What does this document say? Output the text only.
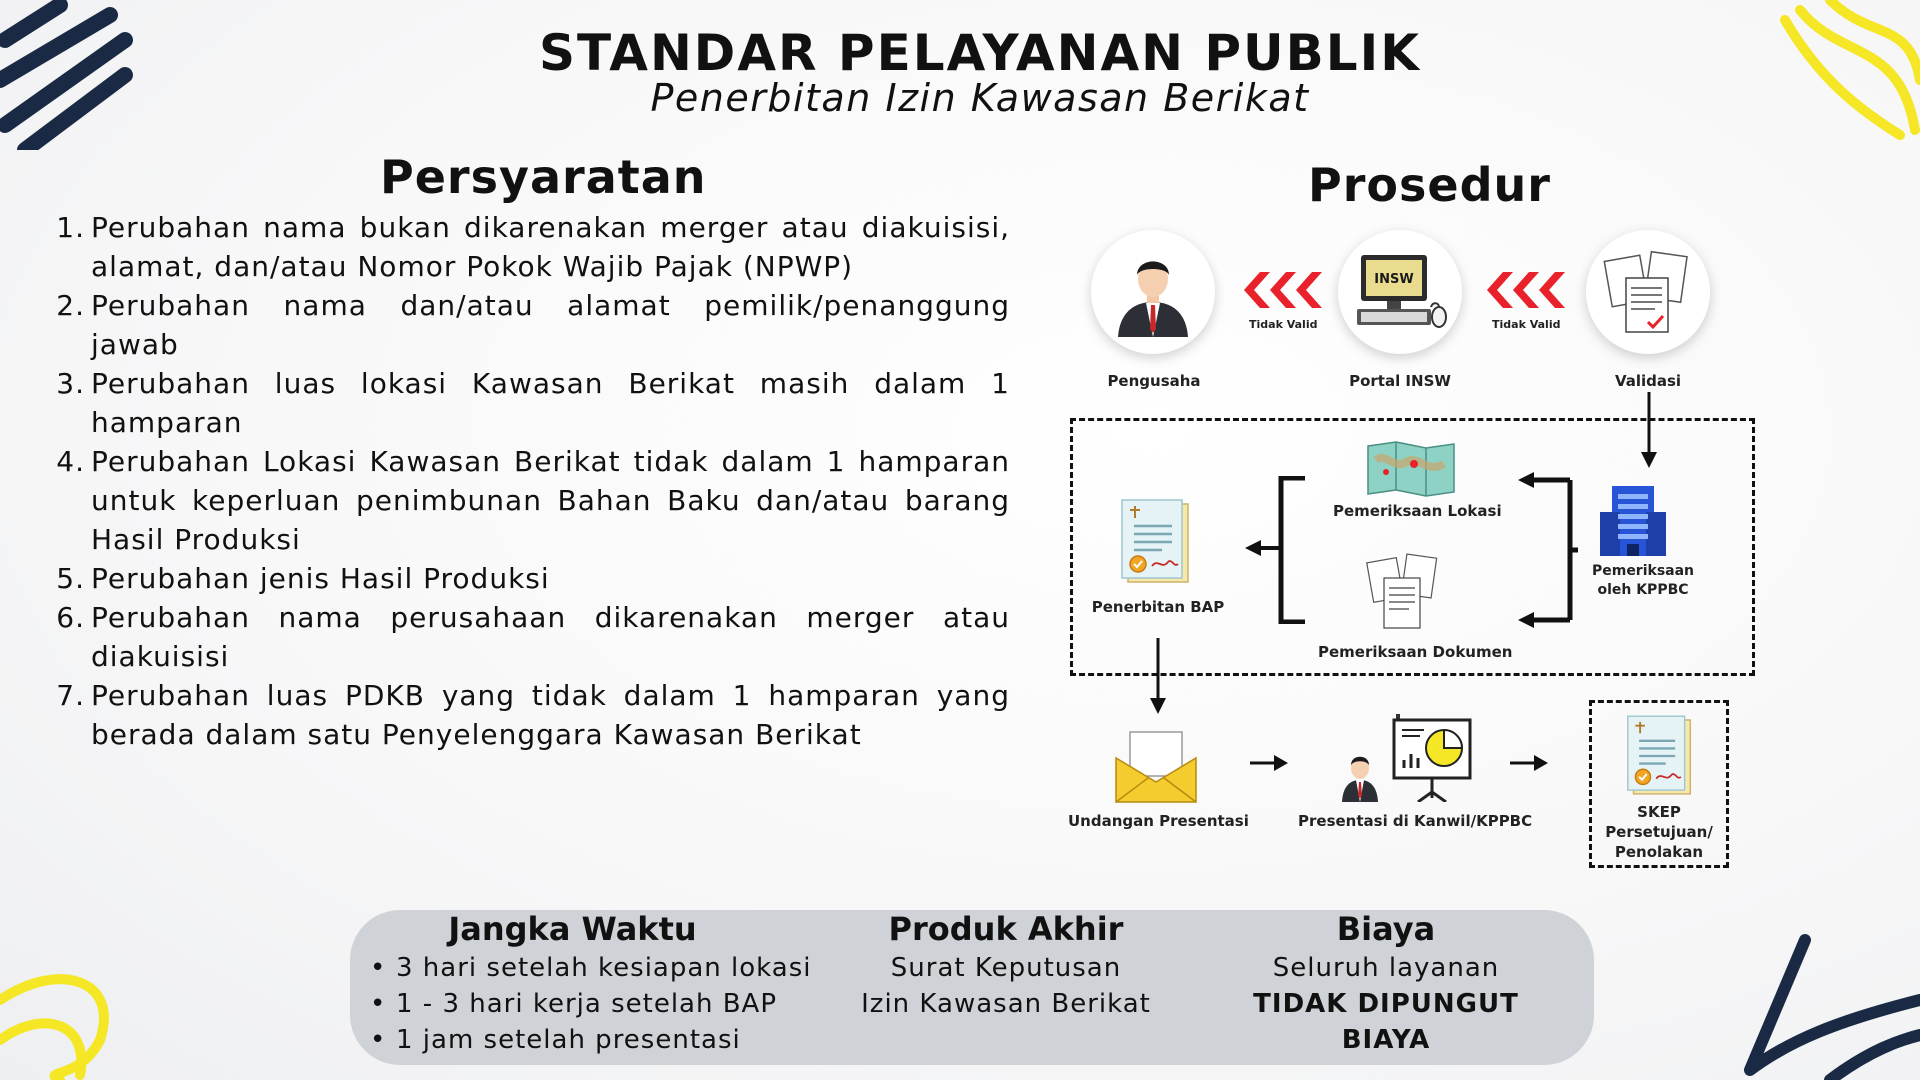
STANDAR PELAYANAN PUBLIK
Penerbitan Izin Kawasan Berikat
Persyaratan
1. Perubahan nama bukan dikarenakan merger atau diakuisisi, alamat, dan/atau Nomor Pokok Wajib Pajak (NPWP)
2. Perubahan nama dan/atau alamat pemilik/penanggung jawab
3. Perubahan luas lokasi Kawasan Berikat masih dalam 1 hamparan
4. Perubahan Lokasi Kawasan Berikat tidak dalam 1 hamparan untuk keperluan penimbunan Bahan Baku dan/atau barang Hasil Produksi
5. Perubahan jenis Hasil Produksi
6. Perubahan nama perusahaan dikarenakan merger atau diakuisisi
7. Perubahan luas PDKB yang tidak dalam 1 hamparan yang berada dalam satu Penyelenggara Kawasan Berikat
Prosedur
Pengusaha
Tidak Valid
INSW
Portal INSW
Tidak Valid
Validasi
Pemeriksaan
oleh KPPBC
Pemeriksaan Lokasi
Pemeriksaan Dokumen
Penerbitan BAP
Undangan Presentasi	Presentasi di Kanwil/KPPBC	SKEP
Persetujuan/
Penolakan
Jangka Waktu
• 3 hari setelah kesiapan lokasi
• 1 - 3 hari kerja setelah BAP
• 1 jam setelah presentasi
Produk Akhir
Surat Keputusan
Izin Kawasan Berikat
Biaya
Seluruh layanan
TIDAK DIPUNGUT BIAYA
